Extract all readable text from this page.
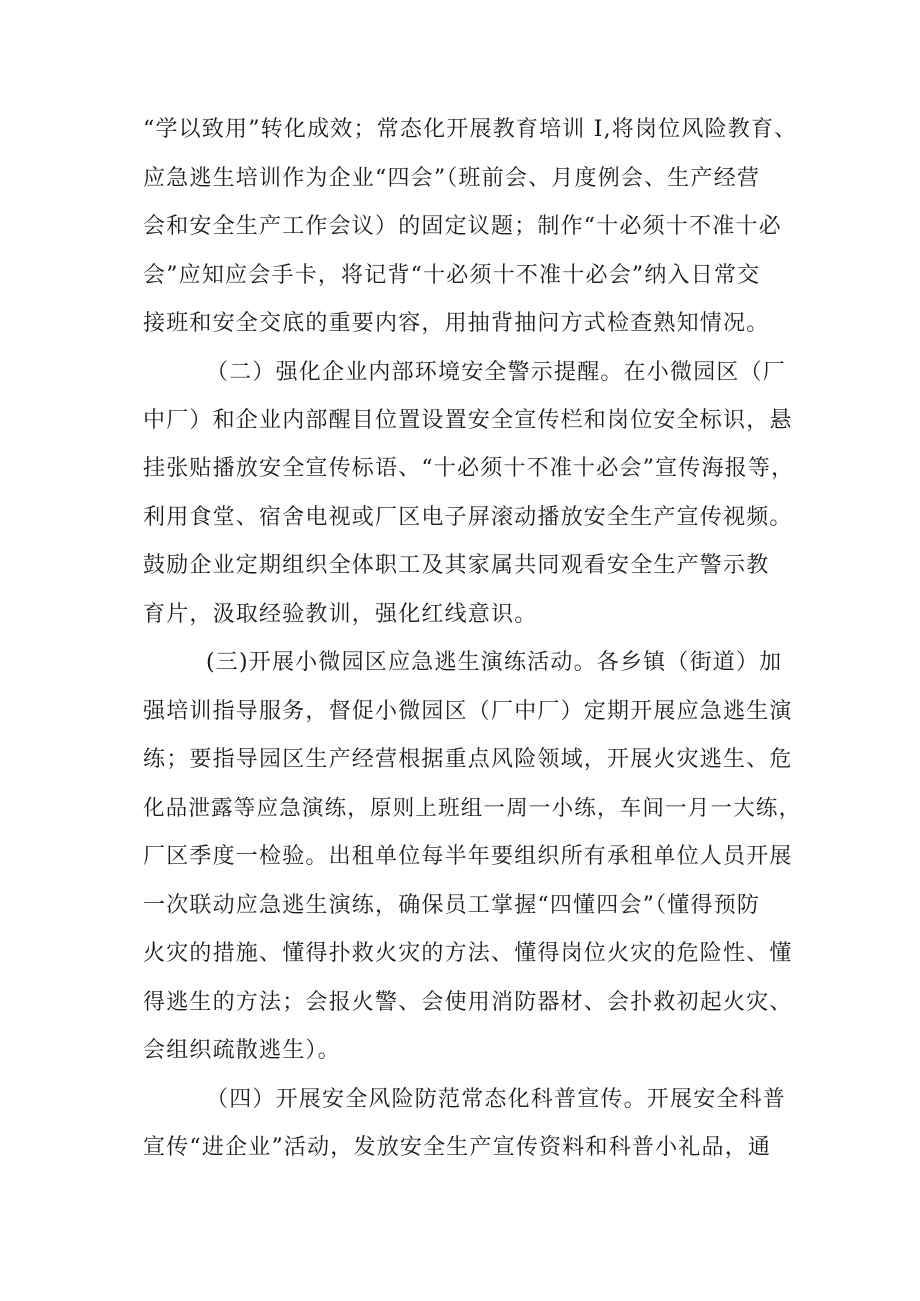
“学以致用”转化成效；常态化开展教育培训 I,将岗位风险教育、
应急逃生培训作为企业“四会”（班前会、月度例会、生产经营
会和安全生产工作会议）的固定议题；制作“十必须十不准十必
会”应知应会手卡，将记背“十必须十不准十必会”纳入日常交
接班和安全交底的重要内容，用抽背抽问方式检查熟知情况。
（二）强化企业内部环境安全警示提醒。在小微园区（厂
中厂）和企业内部醒目位置设置安全宣传栏和岗位安全标识，悬
挂张贴播放安全宣传标语、“十必须十不准十必会”宣传海报等，
利用食堂、宿舍电视或厂区电子屏滚动播放安全生产宣传视频。
鼓励企业定期组织全体职工及其家属共同观看安全生产警示教
育片，汲取经验教训，强化红线意识。
(三)开展小微园区应急逃生演练活动。各乡镇（街道）加
强培训指导服务，督促小微园区（厂中厂）定期开展应急逃生演
练；要指导园区生产经营根据重点风险领域，开展火灾逃生、危
化品泄露等应急演练，原则上班组一周一小练，车间一月一大练，
厂区季度一检验。出租单位每半年要组织所有承租单位人员开展
一次联动应急逃生演练，确保员工掌握“四懂四会”（懂得预防
火灾的措施、懂得扑救火灾的方法、懂得岗位火灾的危险性、懂
得逃生的方法；会报火警、会使用消防器材、会扑救初起火灾、
会组织疏散逃生）。
（四）开展安全风险防范常态化科普宣传。开展安全科普
宣传“进企业”活动，发放安全生产宣传资料和科普小礼品，通
